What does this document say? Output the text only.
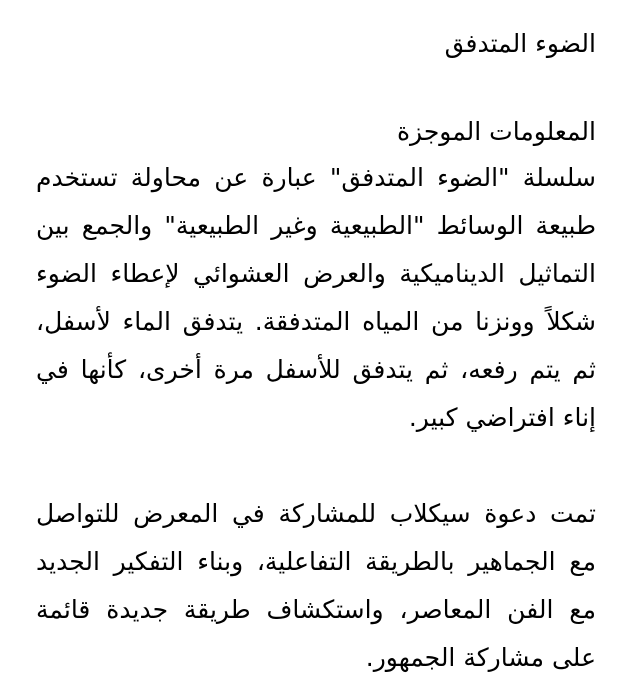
الضوء المتدفق
المعلومات الموجزة

سلسلة "الضوء المتدفق" عبارة عن محاولة تستخدم طبيعة الوسائط "الطبيعية وغير الطبيعية" والجمع بين التماثيل الديناميكية والعرض العشوائي لإعطاء الضوء شكلاً وونزنا من المياه المتدفقة. يتدفق الماء لأسفل، ثم يتم رفعه، ثم يتدفق للأسفل مرة أخرى، كأنها في إناء افتراضي كبير.

تمت دعوة سيكلاب للمشاركة في المعرض للتواصل مع الجماهير بالطريقة التفاعلية، وبناء التفكير الجديد مع الفن المعاصر، واستكشاف طريقة جديدة قائمة على مشاركة الجمهور.
